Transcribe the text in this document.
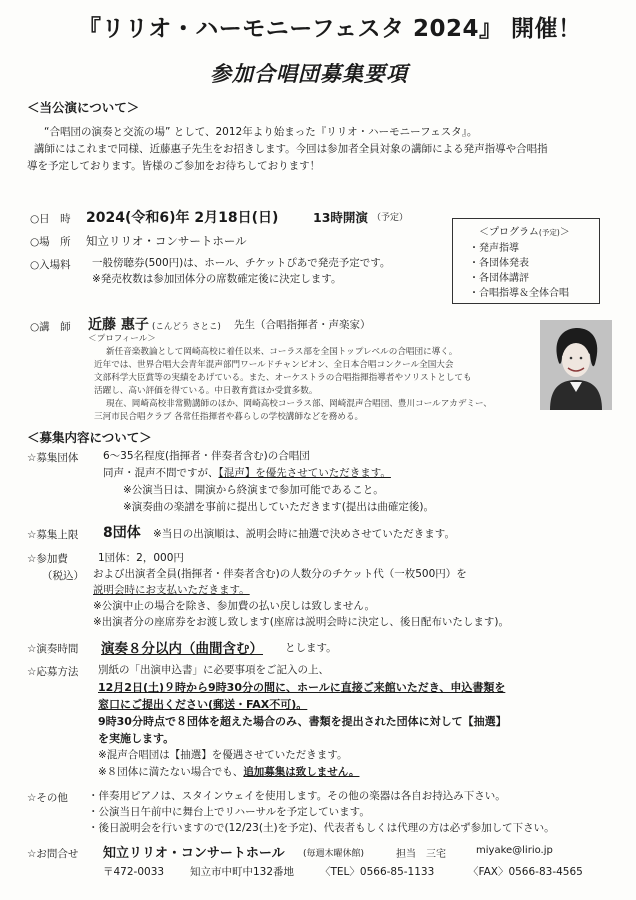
『リリオ・ハーモニーフェスタ 2024』 開催！
参加合唱団募集要項
＜当公演について＞
“合唱団の演奏と交流の場” として、2012年より始まった『リリオ・ハーモニーフェスタ』。
講師にはこれまで同様、近藤惠子先生をお招きします。今回は参加者全員対象の講師による発声指導や合唱指
導を予定しております。皆様のご参加をお待ちしております！
○日　時 2024(令和6)年 2月18日(日)	13時開演 （予定）
○場　所 知立リリオ・コンサートホール
○入場料 一般傍聴券(500円)は、ホール、チケットぴあで発売予定です。
※発売枚数は参加団体分の席数確定後に決定します。
＜プログラム(予定)＞
・発声指導
・各団体発表
・各団体講評
・合唱指導＆全体合唱
○講　師 近藤 惠子 (こんどう さとこ) 先生（合唱指揮者・声楽家）
＜プロフィール＞
新任音楽教論として岡崎高校に着任以来、コーラス部を全国トップレベルの合唱団に導く。
近年では、世界合唱大会青年混声部門ワールドチャンピオン、全日本合唱コンクール全国大会
文部科学大臣賞等の実績をあげている。また、オーケストラの合唱指揮指導者やソリストとしても
活躍し、高い評価を得ている。中日教育賞ほか受賞多数。
現在、岡崎高校非常勤講師のほか、岡崎高校コーラス部、岡崎混声合唱団、豊川コールアカデミー、
三河市民合唱クラブ 各常任指揮者や暮らしの学校講師などを務める。
＜募集内容について＞
☆募集団体 6～35名程度(指揮者・伴奏者含む)の合唱団
同声・混声不問ですが、【混声】を優先させていただきます。
※公演当日は、開演から終演まで参加可能であること。
※演奏曲の楽譜を事前に提出していただきます(提出は曲確定後)。
☆募集上限 8団体 ※当日の出演順は、説明会時に抽選で決めさせていただきます。
☆参加費
（税込）
1団体：2，000円
および出演者全員(指揮者・伴奏者含む)の人数分のチケット代（一枚500円）を
説明会時にお支払いただきます。
※公演中止の場合を除き、参加費の払い戻しは致しません。
※出演者分の座席券をお渡し致します(座席は説明会時に決定し、後日配布いたします)。
☆演奏時間 演奏８分以内（曲間含む） とします。
☆応募方法 別紙の「出演申込書」に必要事項をご記入の上、
12月2日(土)９時から9時30分の間に、ホールに直接ご来館いただき、申込書類を
窓口にご提出ください(郵送・FAX不可)。
9時30分時点で８団体を超えた場合のみ、書類を提出された団体に対して【抽選】
を実施します。
※混声合唱団は【抽選】を優遇させていただきます。
※８団体に満たない場合でも、追加募集は致しません。
☆その他 ・伴奏用ピアノは、スタインウェイを使用します。その他の楽器は各自お持込み下さい。
・公演当日午前中に舞台上でリハーサルを予定しています。
・後日説明会を行いますので(12/23(土)を予定)、代表者もしくは代理の方は必ず参加して下さい。
☆お問合せ 知立リリオ・コンサートホール (毎週木曜休館)	担当　三宅	miyake@lirio.jp
〒472-0033 知立市中町中132番地 〈TEL〉0566-85-1133	〈FAX〉0566-83-4565
